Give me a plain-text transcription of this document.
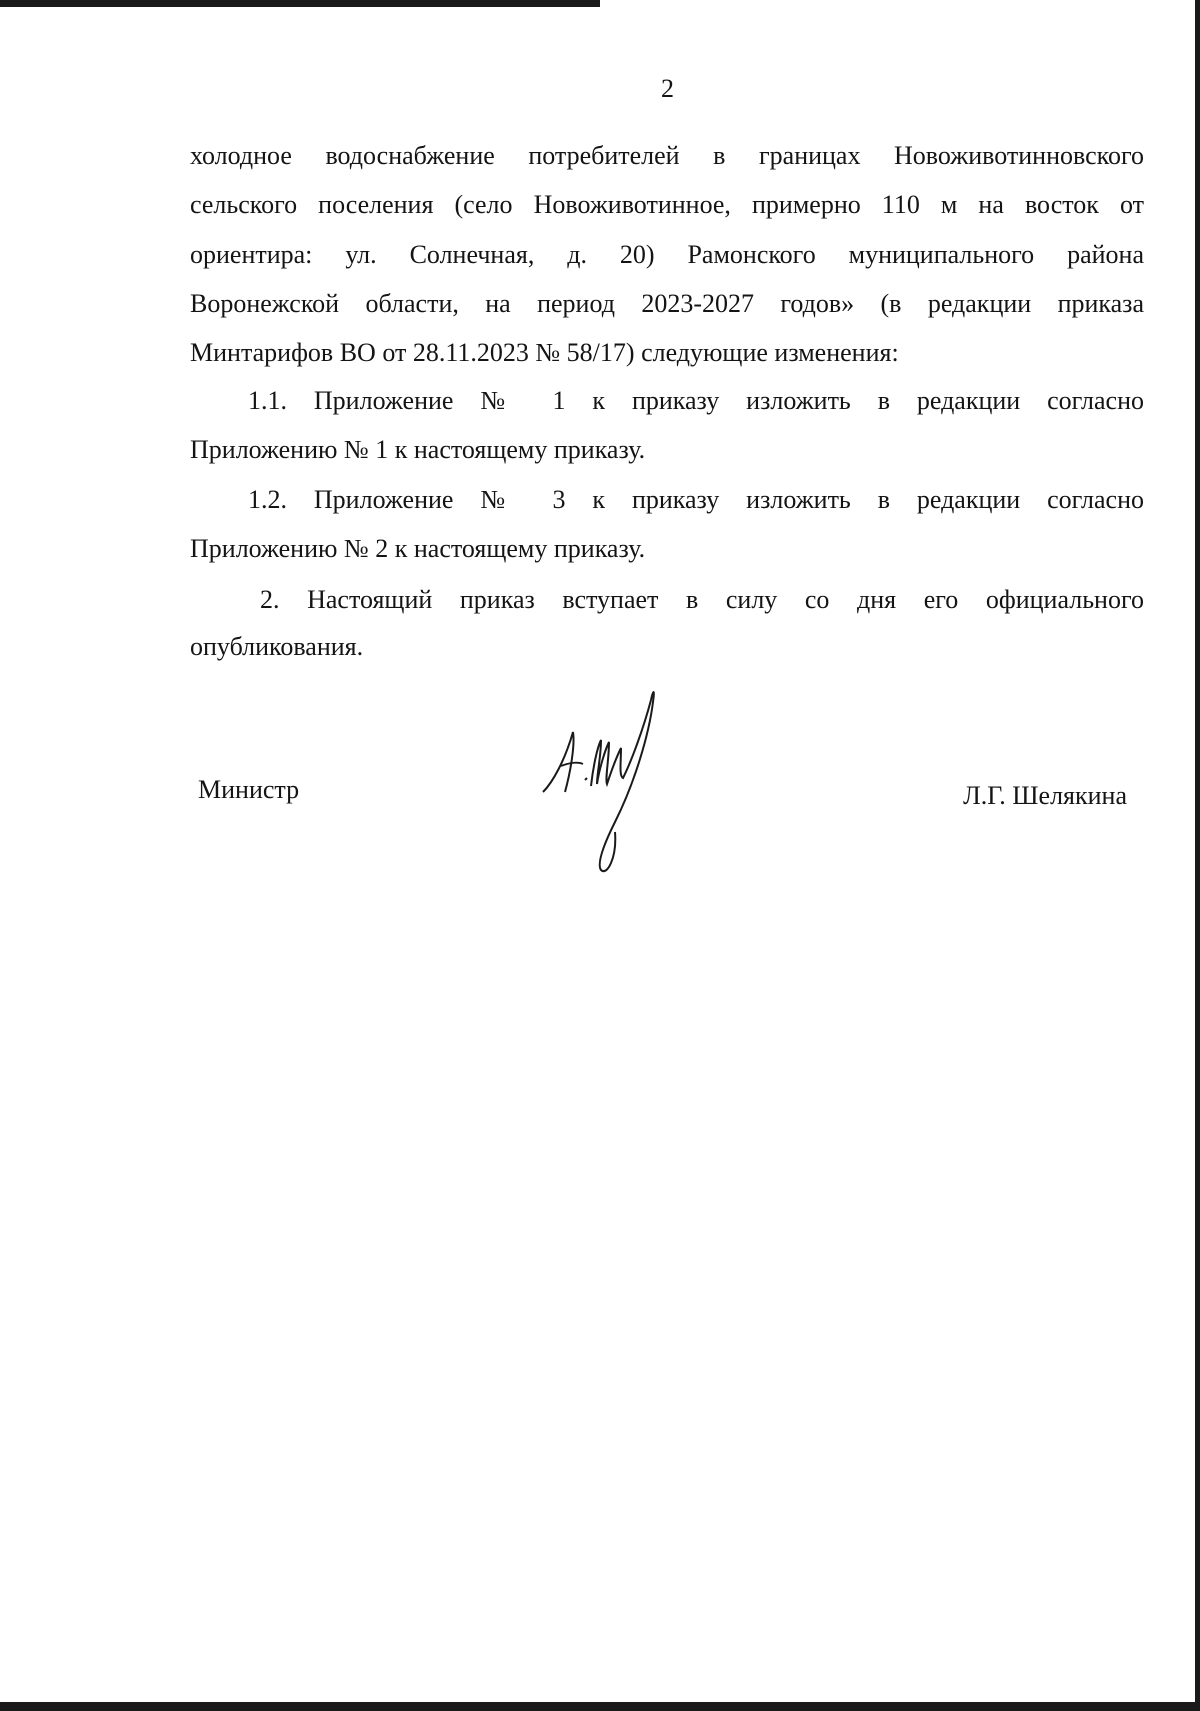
2
холодное водоснабжение потребителей в границах Новоживотинновского
сельского поселения (село Новоживотинное, примерно 110 м на восток от
ориентира: ул. Солнечная, д. 20) Рамонского муниципального района
Воронежской области, на период 2023-2027 годов» (в редакции приказа
Минтарифов ВО от 28.11.2023 № 58/17) следующие изменения:
1.1. Приложение № 1 к приказу изложить в редакции согласно
Приложению № 1 к настоящему приказу.
1.2. Приложение № 3 к приказу изложить в редакции согласно
Приложению № 2 к настоящему приказу.
2. Настоящий приказ вступает в силу со дня его официального
опубликования.
Министр	Л.Г. Шелякина
